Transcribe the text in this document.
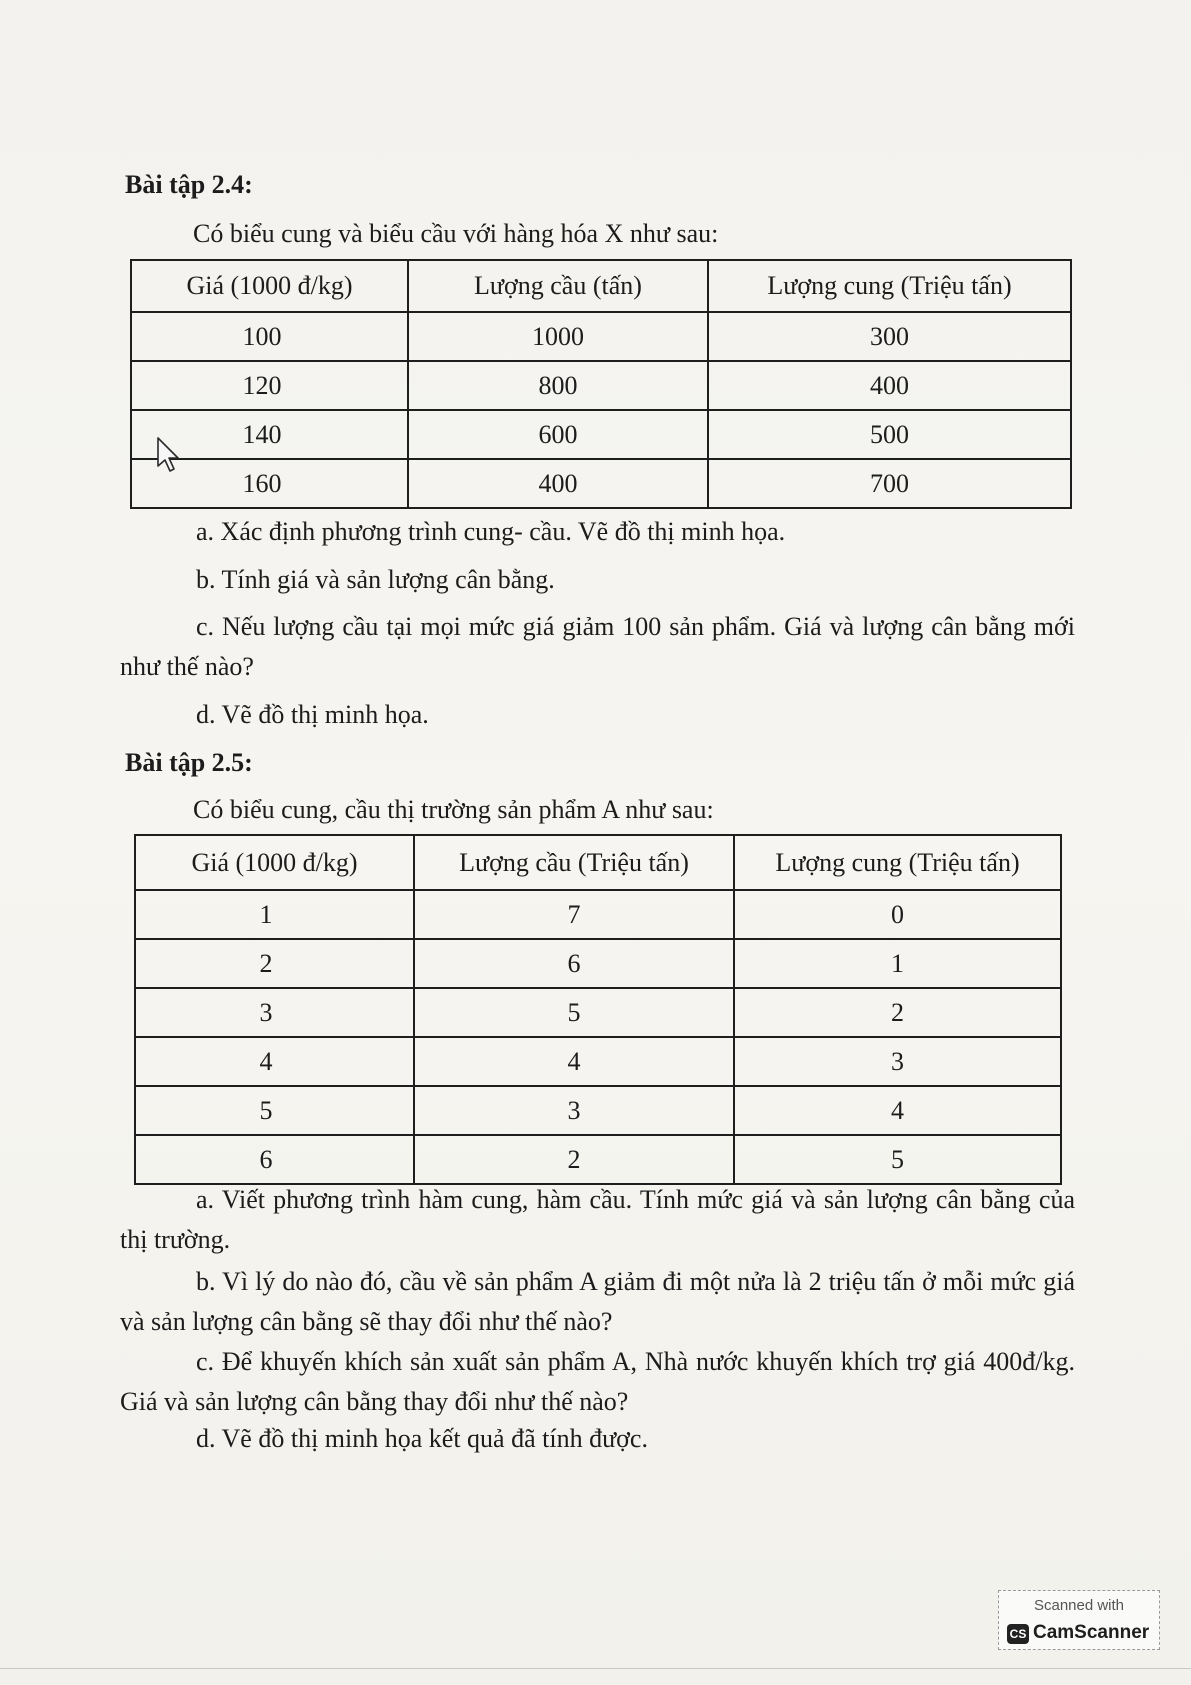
Bài tập 2.4:
Có biểu cung và biểu cầu với hàng hóa X như sau:
Giá (1000 đ/kg)	Lượng cầu (tấn)	Lượng cung (Triệu tấn)
100	1000	300
120	800	400
140	600	500
160	400	700
a. Xác định phương trình cung- cầu. Vẽ đồ thị minh họa.
b. Tính giá và sản lượng cân bằng.
c. Nếu lượng cầu tại mọi mức giá giảm 100 sản phẩm. Giá và lượng cân bằng mới như thế nào?
d. Vẽ đồ thị minh họa.
Bài tập 2.5:
Có biểu cung, cầu thị trường sản phẩm A như sau:
Giá (1000 đ/kg)	Lượng cầu (Triệu tấn)	Lượng cung (Triệu tấn)
1	7	0
2	6	1
3	5	2
4	4	3
5	3	4
6	2	5
a. Viết phương trình hàm cung, hàm cầu. Tính mức giá và sản lượng cân bằng của thị trường.
b. Vì lý do nào đó, cầu về sản phẩm A giảm đi một nửa là 2 triệu tấn ở mỗi mức giá và sản lượng cân bằng sẽ thay đổi như thế nào?
c. Để khuyến khích sản xuất sản phẩm A, Nhà nước khuyến khích trợ giá 400đ/kg. Giá và sản lượng cân bằng thay đổi như thế nào?
d. Vẽ đồ thị minh họa kết quả đã tính được.
Scanned with
CS CamScanner
